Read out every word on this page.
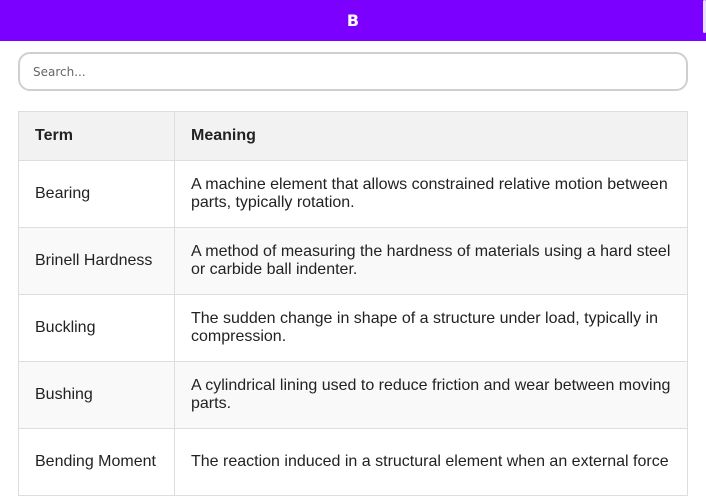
B
Search...
Term	Meaning
Bearing	A machine element that allows constrained relative motion between parts, typically rotation.
Brinell Hardness	A method of measuring the hardness of materials using a hard steel or carbide ball indenter.
Buckling	The sudden change in shape of a structure under load, typically in compression.
Bushing	A cylindrical lining used to reduce friction and wear between moving parts.
Bending Moment	The reaction induced in a structural element when an external force
